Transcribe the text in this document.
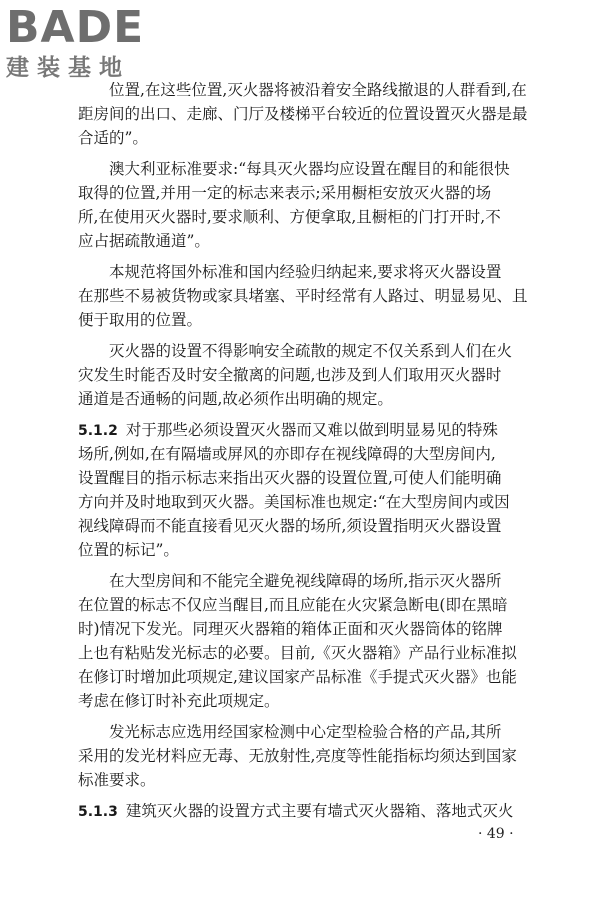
BADE
建装基地
位置,在这些位置,灭火器将被沿着安全路线撤退的人群看到,在
距房间的出口、走廊、门厅及楼梯平台较近的位置设置灭火器是最
合适的”。
澳大利亚标准要求:“每具灭火器均应设置在醒目的和能很快
取得的位置,并用一定的标志来表示;采用橱柜安放灭火器的场
所,在使用灭火器时,要求顺利、方便拿取,且橱柜的门打开时,不
应占据疏散通道”。
本规范将国外标准和国内经验归纳起来,要求将灭火器设置
在那些不易被货物或家具堵塞、平时经常有人路过、明显易见、且
便于取用的位置。
灭火器的设置不得影响安全疏散的规定不仅关系到人们在火
灾发生时能否及时安全撤离的问题,也涉及到人们取用灭火器时
通道是否通畅的问题,故必须作出明确的规定。
5.1.2 对于那些必须设置灭火器而又难以做到明显易见的特殊
场所,例如,在有隔墙或屏风的亦即存在视线障碍的大型房间内,
设置醒目的指示标志来指出灭火器的设置位置,可使人们能明确
方向并及时地取到灭火器。美国标准也规定:“在大型房间内或因
视线障碍而不能直接看见灭火器的场所,须设置指明灭火器设置
位置的标记”。
在大型房间和不能完全避免视线障碍的场所,指示灭火器所
在位置的标志不仅应当醒目,而且应能在火灾紧急断电(即在黑暗
时)情况下发光。同理灭火器箱的箱体正面和灭火器筒体的铭牌
上也有粘贴发光标志的必要。目前,《灭火器箱》产品行业标准拟
在修订时增加此项规定,建议国家产品标准《手提式灭火器》也能
考虑在修订时补充此项规定。
发光标志应选用经国家检测中心定型检验合格的产品,其所
采用的发光材料应无毒、无放射性,亮度等性能指标均须达到国家
标准要求。
5.1.3 建筑灭火器的设置方式主要有墙式灭火器箱、落地式灭火
· 49 ·
